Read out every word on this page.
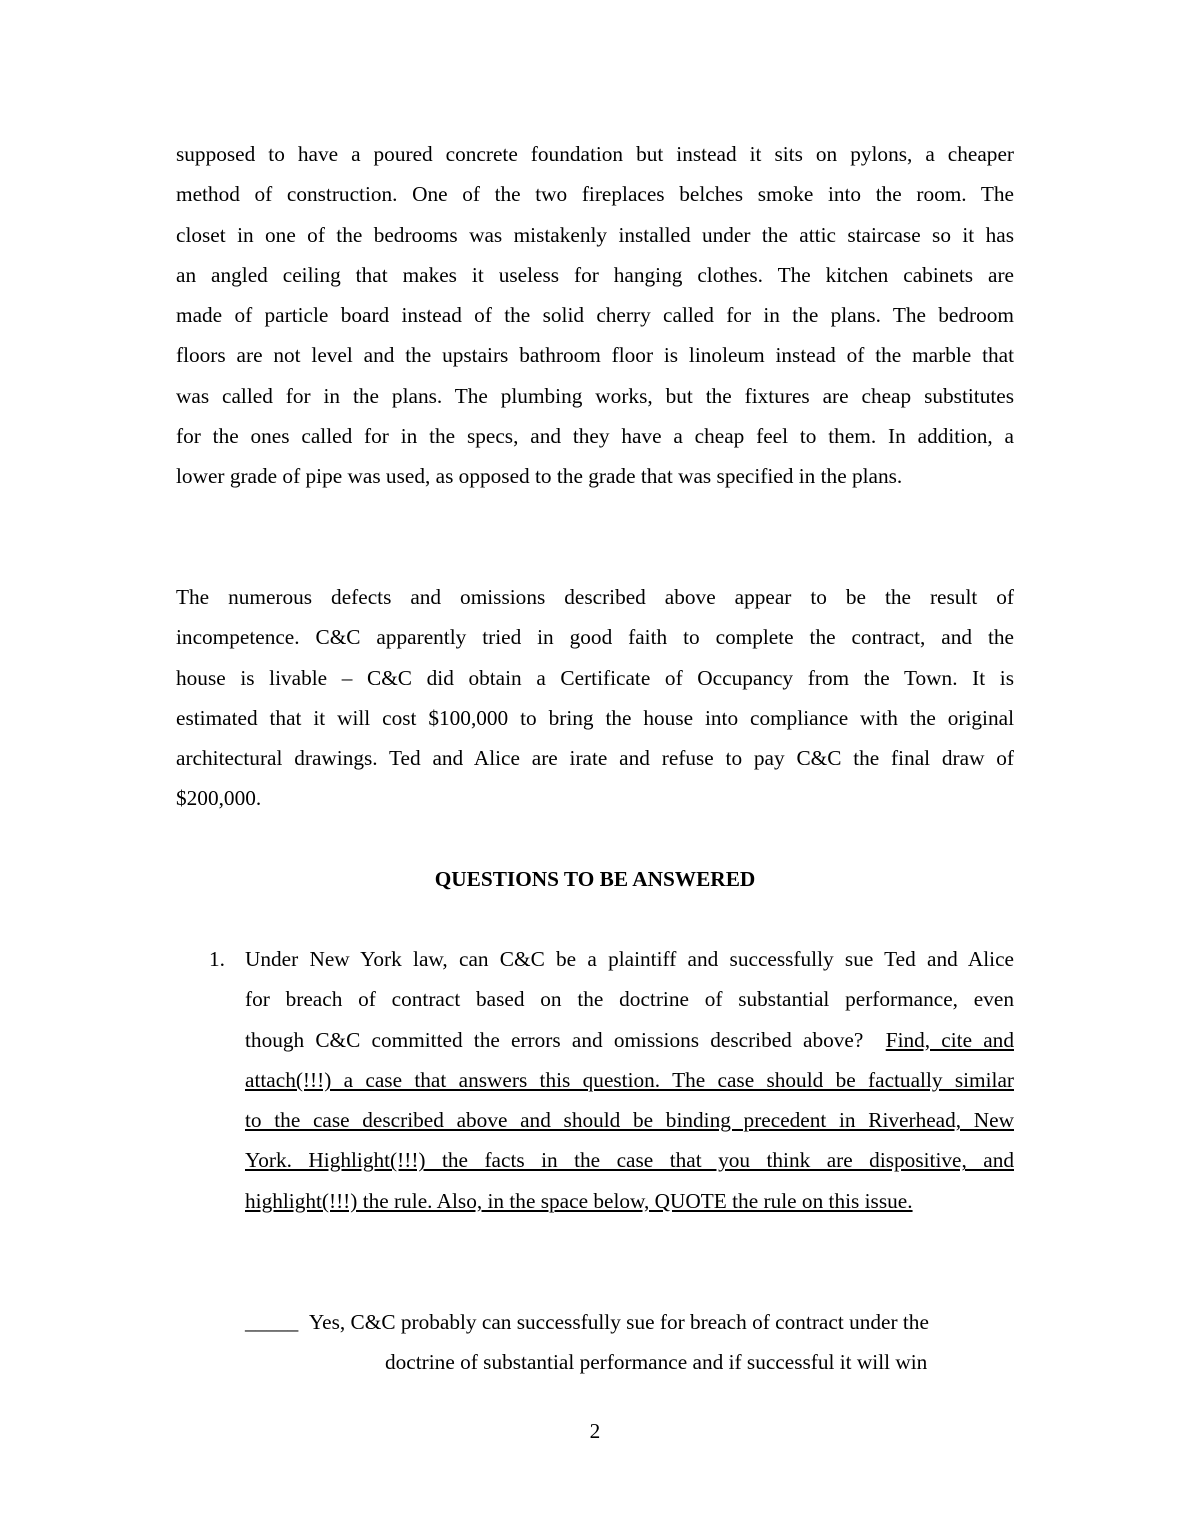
supposed to have a poured concrete foundation but instead it sits on pylons, a cheaper
method of construction. One of the two fireplaces belches smoke into the room. The
closet in one of the bedrooms was mistakenly installed under the attic staircase so it has
an angled ceiling that makes it useless for hanging clothes. The kitchen cabinets are
made of particle board instead of the solid cherry called for in the plans. The bedroom
floors are not level and the upstairs bathroom floor is linoleum instead of the marble that
was called for in the plans. The plumbing works, but the fixtures are cheap substitutes
for the ones called for in the specs, and they have a cheap feel to them. In addition, a
lower grade of pipe was used, as opposed to the grade that was specified in the plans.
The numerous defects and omissions described above appear to be the result of
incompetence. C&C apparently tried in good faith to complete the contract, and the
house is livable – C&C did obtain a Certificate of Occupancy from the Town. It is
estimated that it will cost $100,000 to bring the house into compliance with the original
architectural drawings. Ted and Alice are irate and refuse to pay C&C the final draw of
$200,000.
QUESTIONS TO BE ANSWERED
1. Under New York law, can C&C be a plaintiff and successfully sue Ted and Alice
for breach of contract based on the doctrine of substantial performance, even
though C&C committed the errors and omissions described above?  Find, cite and
attach(!!!) a case that answers this question. The case should be factually similar
to the case described above and should be binding precedent in Riverhead, New
York. Highlight(!!!) the facts in the case that you think are dispositive, and
highlight(!!!) the rule. Also, in the space below, QUOTE the rule on this issue.
_____ Yes, C&C probably can successfully sue for breach of contract under the
doctrine of substantial performance and if successful it will win
2
